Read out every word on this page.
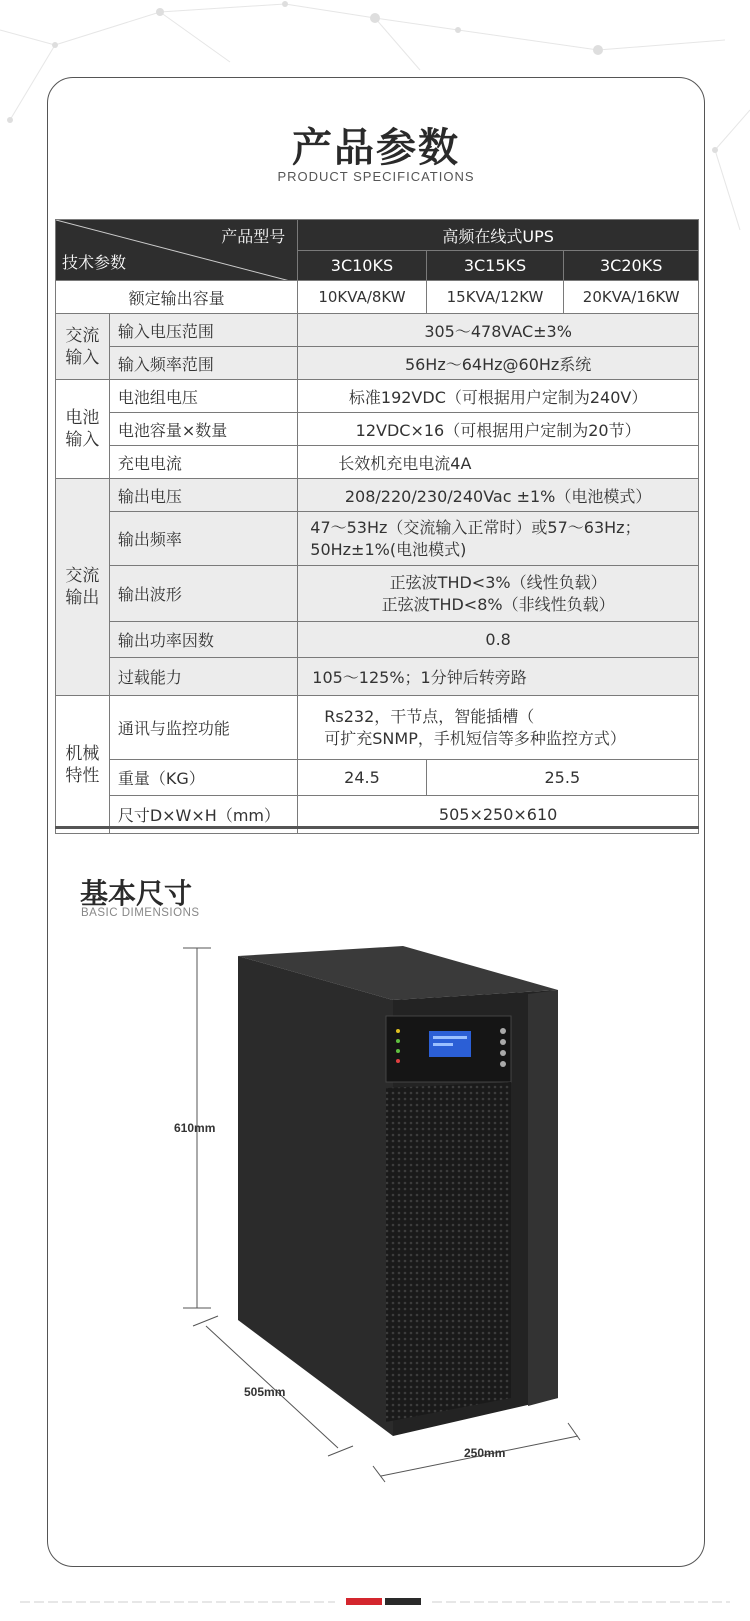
产品参数
PRODUCT SPECIFICATIONS
产品型号
技术参数		高频在线式UPS		
		3C10KS	3C15KS	3C20KS
额定输出容量		10KVA/8KW	15KVA/12KW	20KVA/16KW
交流输入	输入电压范围	305～478VAC±3%		
	输入频率范围	56Hz～64Hz@60Hz系统		
电池输入	电池组电压	标准192VDC（可根据用户定制为240V）		
	电池容量×数量	12VDC×16（可根据用户定制为20节）		
	充电电流	长效机充电电流4A		
交流输出	输出电压	208/220/230/240Vac ±1%（电池模式）		
	输出频率	47～53Hz（交流输入正常时）或57～63Hz；
50Hz±1%(电池模式)		

	输出波形	正弦波THD<3%（线性负载）
正弦波THD<8%（非线性负载）		

	输出功率因数	0.8		
	过载能力	105～125%；1分钟后转旁路		
机械特性	通讯与监控功能	Rs232，干节点，智能插槽（
可扩充SNMP，手机短信等多种监控方式）		

	重量（KG）	24.5	25.5	
	尺寸D×W×H（mm）	505×250×610		
基本尺寸
BASIC DIMENSIONS
610mm
505mm
250mm
